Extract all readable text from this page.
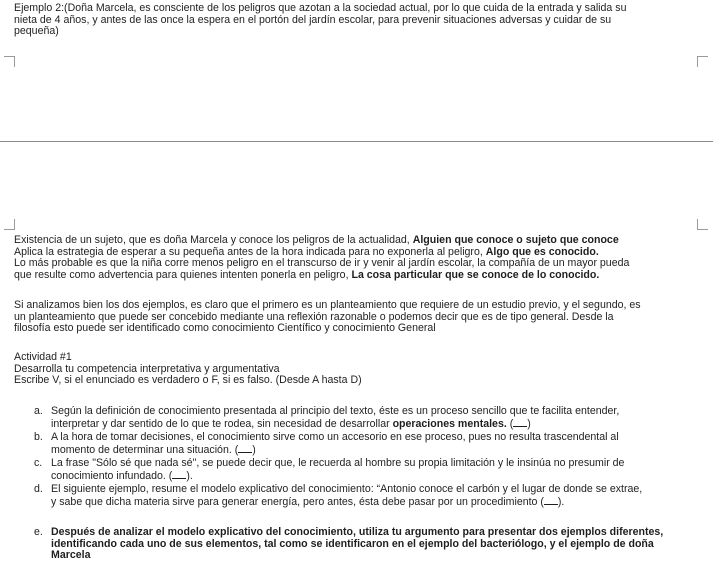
Ejemplo 2:(Doña Marcela, es consciente de los peligros que azotan a la sociedad actual, por lo que cuida de la entrada y salida su
nieta de 4 años, y antes de las once la espera en el portón del jardín escolar, para prevenir situaciones adversas y cuidar de su
pequeña)
Existencia de un sujeto, que es doña Marcela y conoce los peligros de la actualidad, Alguien que conoce o sujeto que conoce
Aplica la estrategia de esperar a su pequeña antes de la hora indicada para no exponerla al peligro, Algo que es conocido.
Lo más probable es que la niña corre menos peligro en el transcurso de ir y venir al jardín escolar, la compañía de un mayor pueda
que resulte como advertencia para quienes intenten ponerla en peligro, La cosa particular que se conoce de lo conocido.
Si analizamos bien los dos ejemplos, es claro que el primero es un planteamiento que requiere de un estudio previo, y el segundo, es
un planteamiento que puede ser concebido mediante una reflexión razonable o podemos decir que es de tipo general. Desde la
filosofía esto puede ser identificado como conocimiento Científico y conocimiento General
Actividad #1
Desarrolla tu competencia interpretativa y argumentativa
Escribe V, si el enunciado es verdadero o F, si es falso. (Desde A hasta D)
a. Según la definición de conocimiento presentada al principio del texto, éste es un proceso sencillo que te facilita entender,
interpretar y dar sentido de lo que te rodea, sin necesidad de desarrollar operaciones mentales. ( )
b. A la hora de tomar decisiones, el conocimiento sirve como un accesorio en ese proceso, pues no resulta trascendental al
momento de determinar una situación. ( )
c. La frase "Sólo sé que nada sé", se puede decir que, le recuerda al hombre su propia limitación y le insinúa no presumir de
conocimiento infundado. ( ).
d. El siguiente ejemplo, resume el modelo explicativo del conocimiento: “Antonio conoce el carbón y el lugar de donde se extrae,
y sabe que dicha materia sirve para generar energía, pero antes, ésta debe pasar por un procedimiento ( ).
e. Después de analizar el modelo explicativo del conocimiento, utiliza tu argumento para presentar dos ejemplos diferentes,
identificando cada uno de sus elementos, tal como se identificaron en el ejemplo del bacteriólogo, y el ejemplo de doña
Marcela
